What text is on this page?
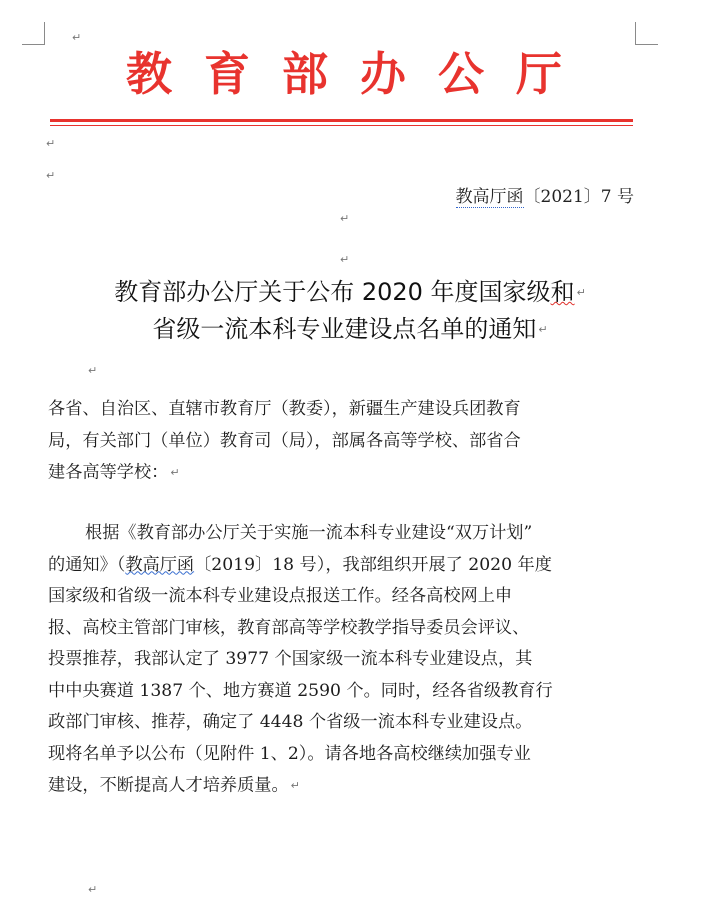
↵
教育部办公厅
↵
↵
教高厅函〔2021〕7 号
↵
↵
教育部办公厅关于公布 2020 年度国家级和 ↵
省级一流本科专业建设点名单的通知 ↵
↵
各省、自治区、直辖市教育厅（教委），新疆生产建设兵团教育
局，有关部门（单位）教育司（局），部属各高等学校、部省合
建各高等学校： ↵
根据《教育部办公厅关于实施一流本科专业建设“双万计划”
的通知》（教高厅函〔2019〕18 号），我部组织开展了 2020 年度
国家级和省级一流本科专业建设点报送工作。经各高校网上申
报、高校主管部门审核，教育部高等学校教学指导委员会评议、
投票推荐，我部认定了 3977 个国家级一流本科专业建设点，其
中中央赛道 1387 个、地方赛道 2590 个。同时，经各省级教育行
政部门审核、推荐，确定了 4448 个省级一流本科专业建设点。
现将名单予以公布（见附件 1、2）。请各地各高校继续加强专业
建设，不断提高人才培养质量。 ↵
↵
